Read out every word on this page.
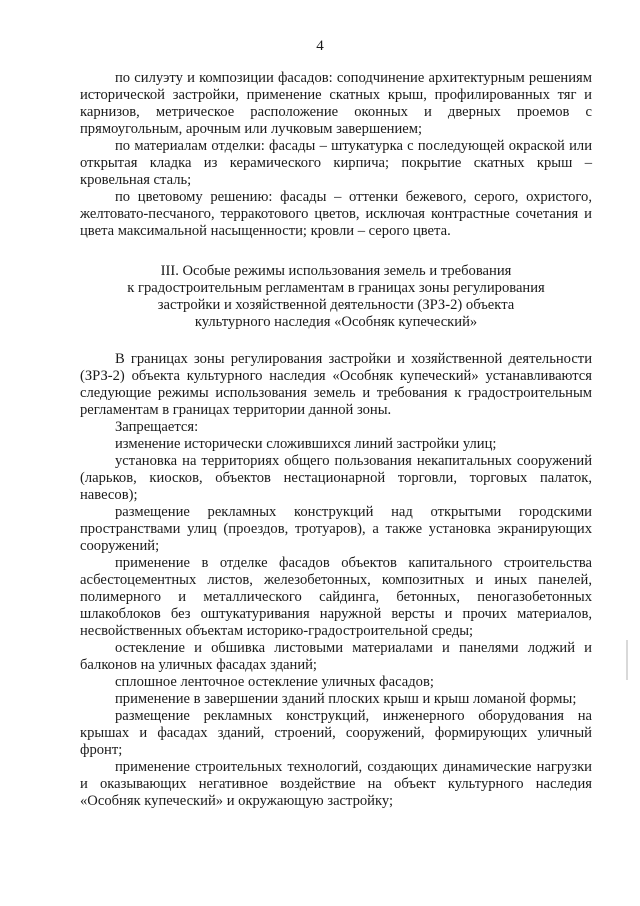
4

по силуэту и композиции фасадов: соподчинение архитектурным решениям исторической застройки, применение скатных крыш, профилированных тяг и карнизов, метрическое расположение оконных и дверных проемов с прямоугольным, арочным или лучковым завершением;

по материалам отделки: фасады – штукатурка с последующей окраской или открытая кладка из керамического кирпича; покрытие скатных крыш – кровельная сталь;

по цветовому решению: фасады – оттенки бежевого, серого, охристого, желтовато-песчаного, терракотового цветов, исключая контрастные сочетания и цвета максимальной насыщенности; кровли – серого цвета.

III. Особые режимы использования земель и требования
к градостроительным регламентам в границах зоны регулирования
застройки и хозяйственной деятельности (ЗРЗ-2) объекта
культурного наследия «Особняк купеческий»

В границах зоны регулирования застройки и хозяйственной деятельности (ЗРЗ-2) объекта культурного наследия «Особняк купеческий» устанавливаются следующие режимы использования земель и требования к градостроительным регламентам в границах территории данной зоны.

Запрещается:

изменение исторически сложившихся линий застройки улиц;

установка на территориях общего пользования некапитальных сооружений (ларьков, киосков, объектов нестационарной торговли, торговых палаток, навесов);

размещение рекламных конструкций над открытыми городскими пространствами улиц (проездов, тротуаров), а также установка экранирующих сооружений;

применение в отделке фасадов объектов капитального строительства асбестоцементных листов, железобетонных, композитных и иных панелей, полимерного и металлического сайдинга, бетонных, пеногазобетонных шлакоблоков без оштукатуривания наружной версты и прочих материалов, несвойственных объектам историко-градостроительной среды;

остекление и обшивка листовыми материалами и панелями лоджий и балконов на уличных фасадах зданий;

сплошное ленточное остекление уличных фасадов;

применение в завершении зданий плоских крыш и крыш ломаной формы;

размещение рекламных конструкций, инженерного оборудования на крышах и фасадах зданий, строений, сооружений, формирующих уличный фронт;

применение строительных технологий, создающих динамические нагрузки и оказывающих негативное воздействие на объект культурного наследия «Особняк купеческий» и окружающую застройку;
